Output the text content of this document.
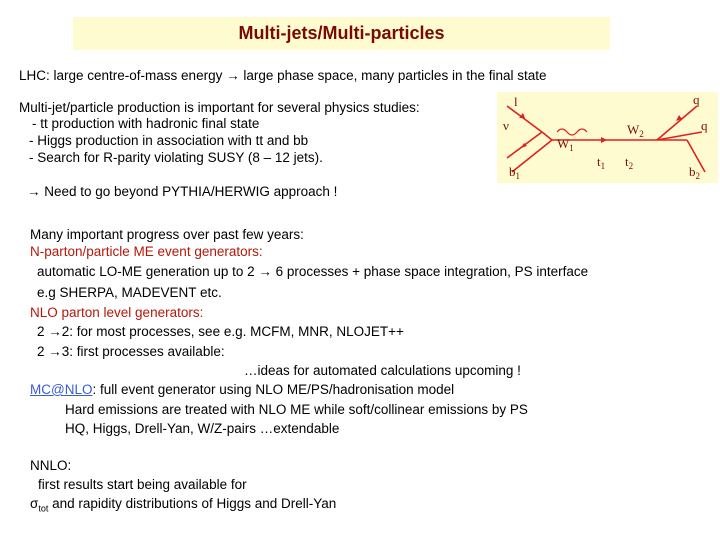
Multi-jets/Multi-particles
LHC: large centre-of-mass energy → large phase space, many particles in the final state
Multi-jet/particle production is important for several physics studies:
- tt production with hadronic final state
- Higgs production in association with tt and bb
- Search for R-parity violating SUSY (8 – 12 jets).
→ Need to go beyond PYTHIA/HERWIG approach !
l
ν
$W_1$
$W_2$
q
q
$b_1$
$t_1$ $t_2$	$b_2$
Many important progress over past few years:
N-parton/particle ME event generators:
automatic LO-ME generation up to 2 → 6 processes + phase space integration, PS interface
e.g SHERPA, MADEVENT etc.
NLO parton level generators:
2 →2: for most processes, see e.g. MCFM, MNR, NLOJET++
2 →3: first processes available:
…ideas for automated calculations upcoming !
MC@NLO: full event generator using NLO ME/PS/hadronisation model
Hard emissions are treated with NLO ME while soft/collinear emissions by PS
HQ, Higgs, Drell-Yan, W/Z-pairs …extendable
NNLO:
first results start being available for
$\sigma_{tot}$ and rapidity distributions of Higgs and Drell-Yan
